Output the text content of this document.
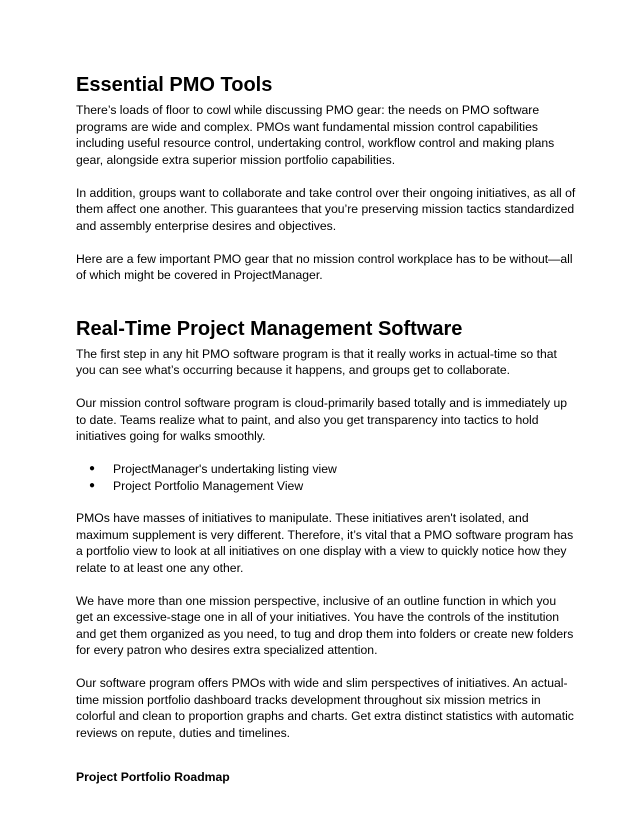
Essential PMO Tools

There’s loads of floor to cowl while discussing PMO gear: the needs on PMO software programs are wide and complex. PMOs want fundamental mission control capabilities including useful resource control, undertaking control, workflow control and making plans gear, alongside extra superior mission portfolio capabilities.

In addition, groups want to collaborate and take control over their ongoing initiatives, as all of them affect one another. This guarantees that you’re preserving mission tactics standardized and assembly enterprise desires and objectives.

Here are a few important PMO gear that no mission control workplace has to be without—all of which might be covered in ProjectManager.

Real-Time Project Management Software

The first step in any hit PMO software program is that it really works in actual-time so that you can see what’s occurring because it happens, and groups get to collaborate.

Our mission control software program is cloud-primarily based totally and is immediately up to date. Teams realize what to paint, and also you get transparency into tactics to hold initiatives going for walks smoothly.

● ProjectManager's undertaking listing view
● Project Portfolio Management View

PMOs have masses of initiatives to manipulate. These initiatives aren't isolated, and maximum supplement is very different. Therefore, it’s vital that a PMO software program has a portfolio view to look at all initiatives on one display with a view to quickly notice how they relate to at least one any other.

We have more than one mission perspective, inclusive of an outline function in which you get an excessive-stage one in all of your initiatives. You have the controls of the institution and get them organized as you need, to tug and drop them into folders or create new folders for every patron who desires extra specialized attention.

Our software program offers PMOs with wide and slim perspectives of initiatives. An actual-time mission portfolio dashboard tracks development throughout six mission metrics in colorful and clean to proportion graphs and charts. Get extra distinct statistics with automatic reviews on repute, duties and timelines.

Project Portfolio Roadmap
